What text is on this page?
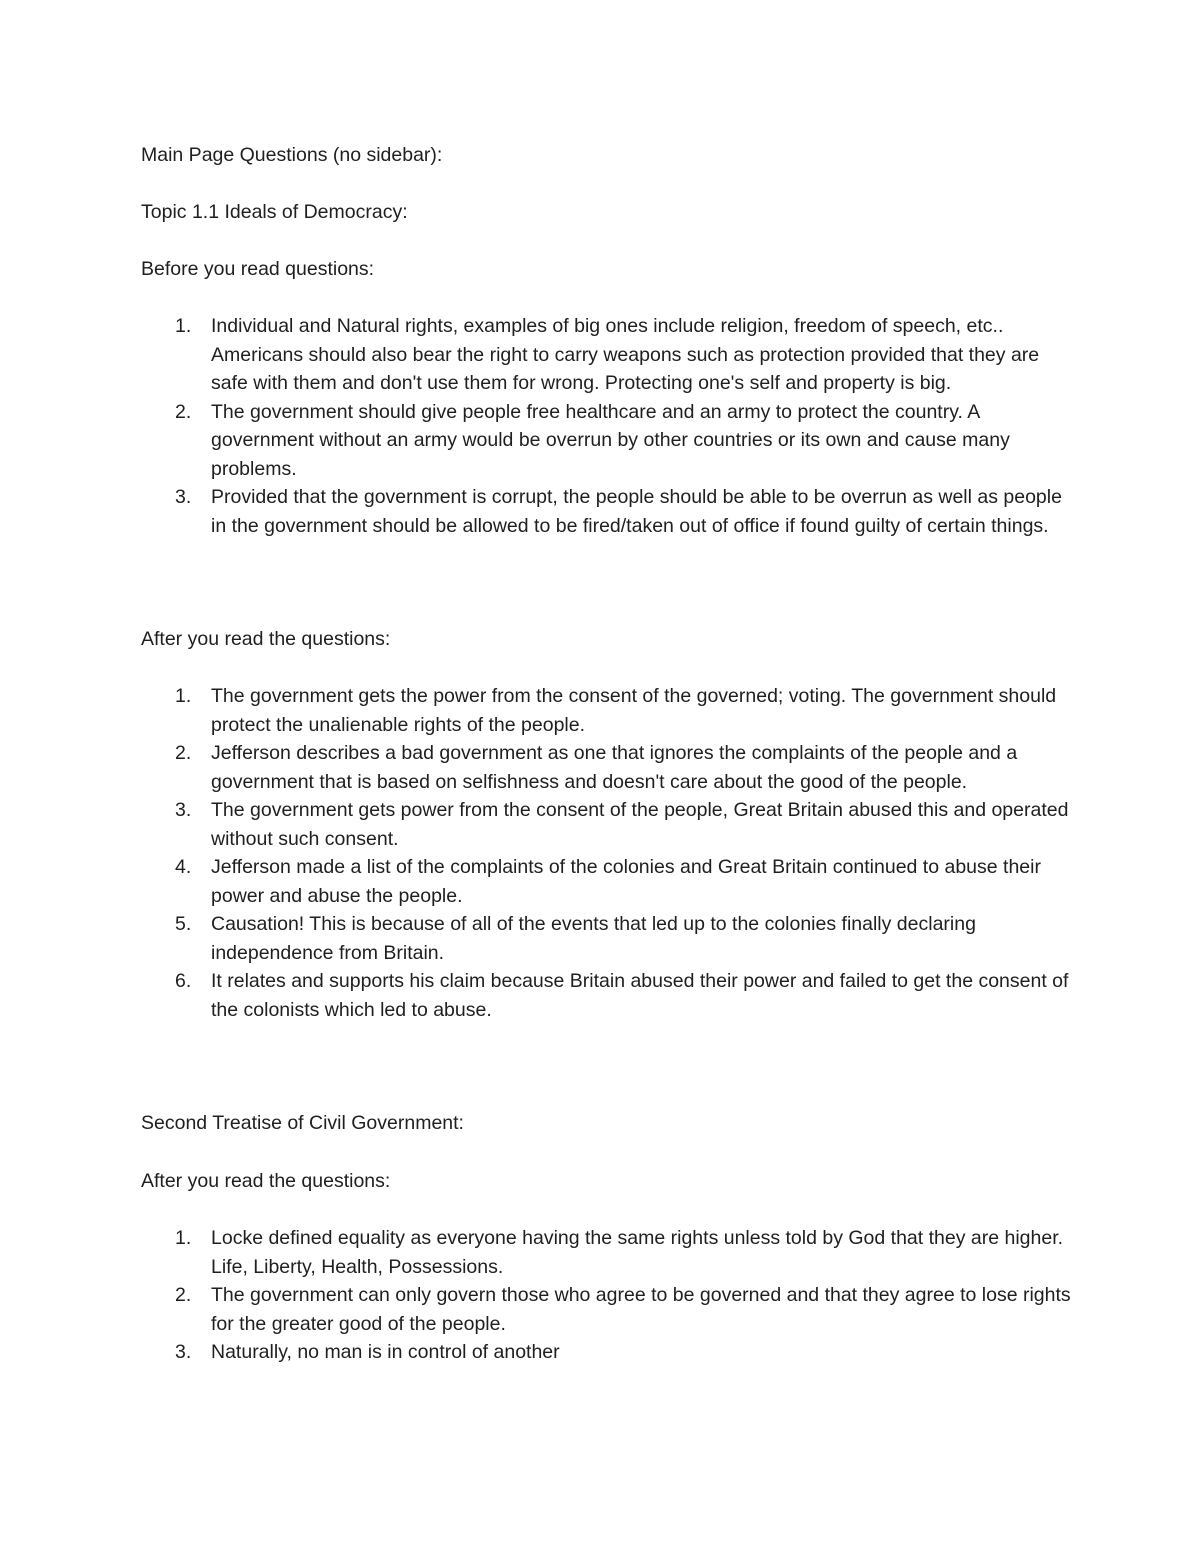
Main Page Questions (no sidebar):

Topic 1.1 Ideals of Democracy:

Before you read questions:

1. Individual and Natural rights, examples of big ones include religion, freedom of speech, etc.. Americans should also bear the right to carry weapons such as protection provided that they are safe with them and don't use them for wrong. Protecting one's self and property is big.
2. The government should give people free healthcare and an army to protect the country. A government without an army would be overrun by other countries or its own and cause many problems.
3. Provided that the government is corrupt, the people should be able to be overrun as well as people in the government should be allowed to be fired/taken out of office if found guilty of certain things.

After you read the questions:

1. The government gets the power from the consent of the governed; voting. The government should protect the unalienable rights of the people.
2. Jefferson describes a bad government as one that ignores the complaints of the people and a government that is based on selfishness and doesn't care about the good of the people.
3. The government gets power from the consent of the people, Great Britain abused this and operated without such consent.
4. Jefferson made a list of the complaints of the colonies and Great Britain continued to abuse their power and abuse the people.
5. Causation! This is because of all of the events that led up to the colonies finally declaring independence from Britain.
6. It relates and supports his claim because Britain abused their power and failed to get the consent of the colonists which led to abuse.

Second Treatise of Civil Government:

After you read the questions:

1. Locke defined equality as everyone having the same rights unless told by God that they are higher. Life, Liberty, Health, Possessions.
2. The government can only govern those who agree to be governed and that they agree to lose rights for the greater good of the people.
3. Naturally, no man is in control of another
